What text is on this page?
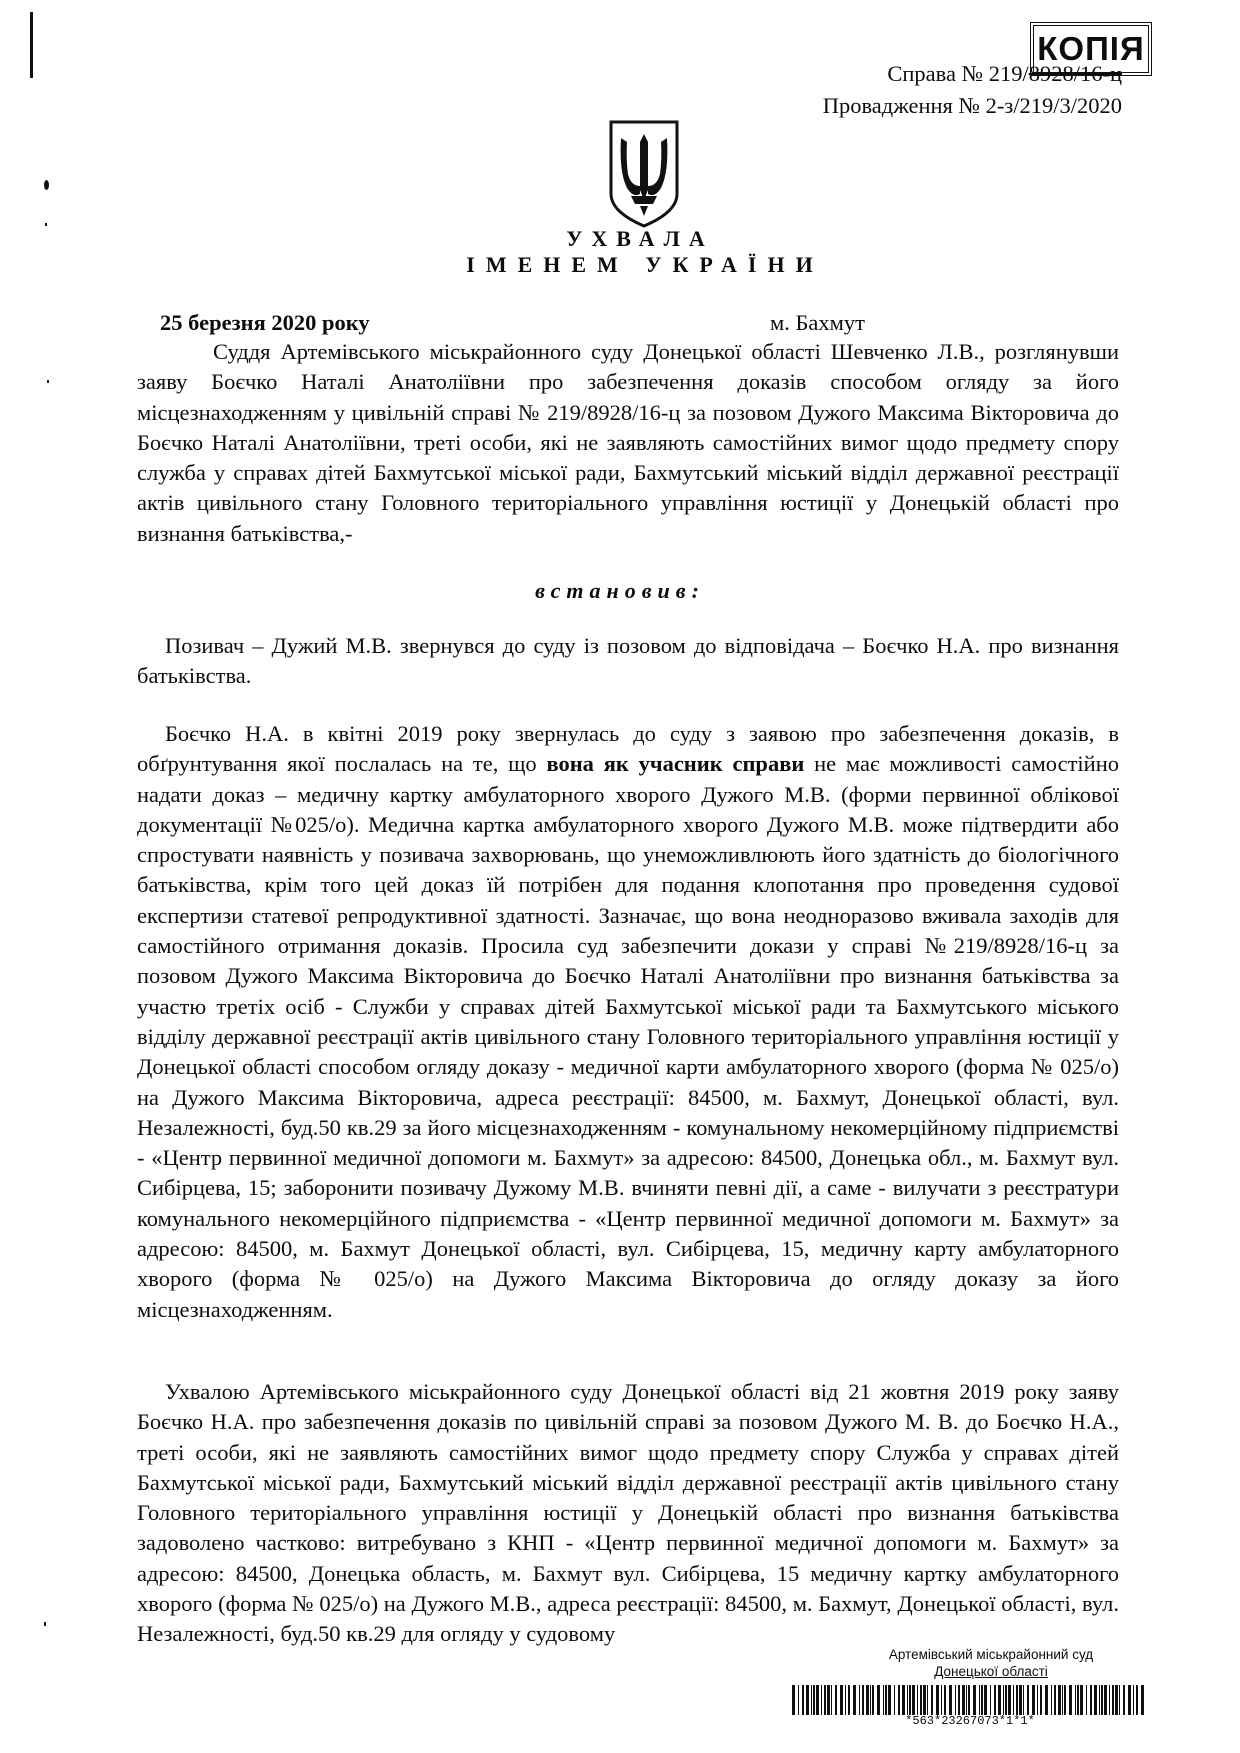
КОПІЯ
Справа № 219/8928/16-ц
Провадження № 2-з/219/3/2020
УХВАЛА
ІМЕНЕМ УКРАЇНИ
25 березня 2020 року	м. Бахмут
Суддя Артемівського міськрайонного суду Донецької області Шевченко Л.В., розглянувши заяву Боєчко Наталі Анатоліївни про забезпечення доказів способом огляду за його місцезнаходженням у цивільній справі № 219/8928/16-ц за позовом Дужого Максима Вікторовича до Боєчко Наталі Анатоліївни, треті особи, які не заявляють самостійних вимог щодо предмету спору служба у справах дітей Бахмутської міської ради, Бахмутський міський відділ державної реєстрації актів цивільного стану Головного територіального управління юстиції у Донецькій області про визнання батьківства,-
встановив:
Позивач – Дужий М.В. звернувся до суду із позовом до відповідача – Боєчко Н.А. про визнання батьківства.
Боєчко Н.А. в квітні 2019 року звернулась до суду з заявою про забезпечення доказів, в обґрунтування якої послалась на те, що вона як учасник справи не має можливості самостійно надати доказ – медичну картку амбулаторного хворого Дужого М.В. (форми первинної облікової документації №025/о). Медична картка амбулаторного хворого Дужого М.В. може підтвердити або спростувати наявність у позивача захворювань, що унеможливлюють його здатність до біологічного батьківства, крім того цей доказ їй потрібен для подання клопотання про проведення судової експертизи статевої репродуктивної здатності. Зазначає, що вона неодноразово вживала заходів для самостійного отримання доказів. Просила суд забезпечити докази у справі №219/8928/16-ц за позовом Дужого Максима Вікторовича до Боєчко Наталі Анатоліївни про визнання батьківства за участю третіх осіб - Служби у справах дітей Бахмутської міської ради та Бахмутського міського відділу державної реєстрації актів цивільного стану Головного територіального управління юстиції у Донецької області способом огляду доказу - медичної карти амбулаторного хворого (форма № 025/о) на Дужого Максима Вікторовича, адреса реєстрації: 84500, м. Бахмут, Донецької області, вул. Незалежності, буд.50 кв.29 за його місцезнаходженням - комунальному некомерційному підприємстві - «Центр первинної медичної допомоги м. Бахмут» за адресою: 84500, Донецька обл., м. Бахмут вул. Сибірцева, 15; заборонити позивачу Дужому М.В. вчиняти певні дії, а саме - вилучати з реєстратури комунального некомерційного підприємства - «Центр первинної медичної допомоги м. Бахмут» за адресою: 84500, м. Бахмут Донецької області, вул. Сибірцева, 15, медичну карту амбулаторного хворого (форма № 025/о) на Дужого Максима Вікторовича до огляду доказу за його місцезнаходженням.
Ухвалою Артемівського міськрайонного суду Донецької області від 21 жовтня 2019 року заяву Боєчко Н.А. про забезпечення доказів по цивільній справі за позовом Дужого М. В. до Боєчко Н.А., треті особи, які не заявляють самостійних вимог щодо предмету спору Служба у справах дітей Бахмутської міської ради, Бахмутський міський відділ державної реєстрації актів цивільного стану Головного територіального управління юстиції у Донецькій області про визнання батьківства задоволено частково: витребувано з КНП - «Центр первинної медичної допомоги м. Бахмут» за адресою: 84500, Донецька область, м. Бахмут вул. Сибірцева, 15 медичну картку амбулаторного хворого (форма № 025/о) на Дужого М.В., адреса реєстрації: 84500, м. Бахмут, Донецької області, вул. Незалежності, буд.50 кв.29 для огляду у судовому
Артемівський міськрайонний суд
Донецької області
*563*23267073*1*1*
